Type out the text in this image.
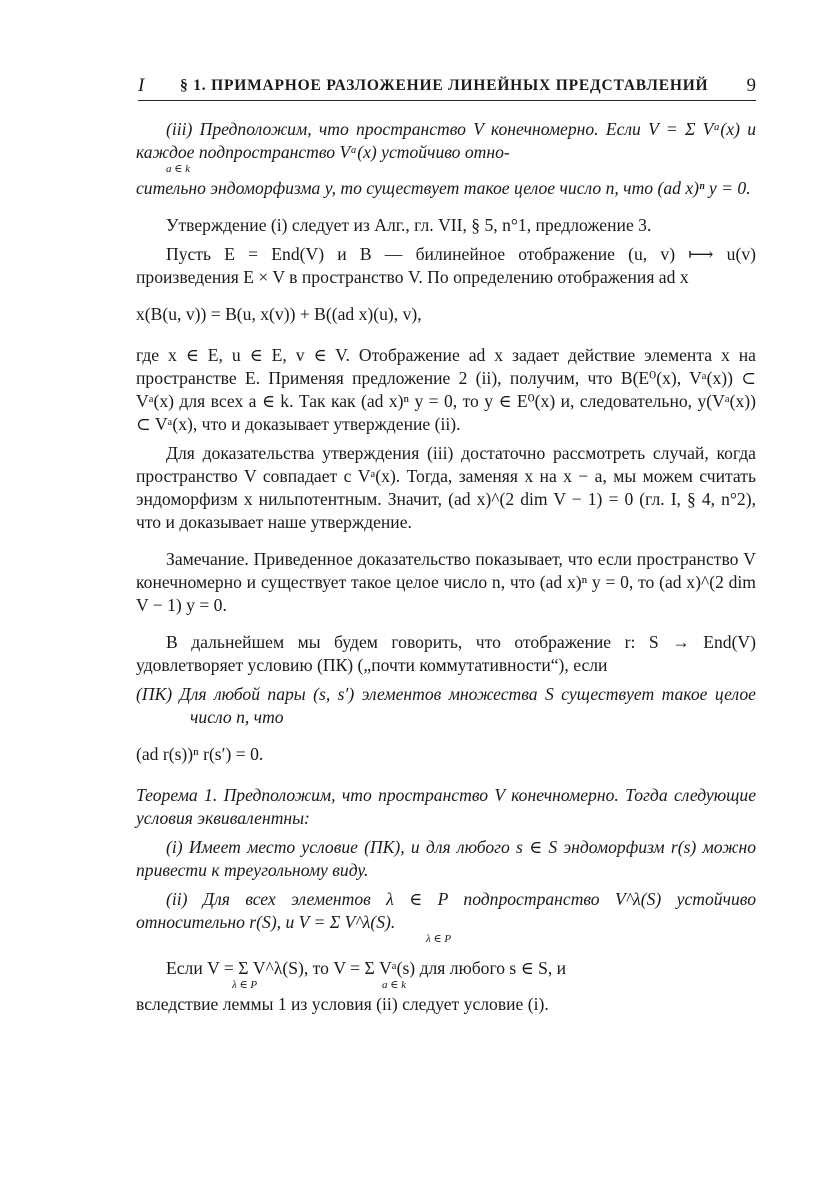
I § 1. ПРИМАРНОЕ РАЗЛОЖЕНИЕ ЛИНЕЙНЫХ ПРЕДСТАВЛЕНИЙ 9

(iii) Предположим, что пространство V конечномерно. Если V = Σ Vᵃ(x) и каждое подпространство Vᵃ(x) устойчиво отно-

a ∈ k

сительно эндоморфизма y, то существует такое целое число n, что (ad x)ⁿ y = 0.

Утверждение (i) следует из Алг., гл. VII, § 5, n°1, предложение 3.

Пусть E = End(V) и B — билинейное отображение (u, v) ⟼ u(v) произведения E × V в пространство V. По определению отображения ad x

x(B(u, v)) = B(u, x(v)) + B((ad x)(u), v),

где x ∈ E, u ∈ E, v ∈ V. Отображение ad x задает действие элемента x на пространстве E. Применяя предложение 2 (ii), получим, что B(E⁰(x), Vᵃ(x)) ⊂ Vᵃ(x) для всех a ∈ k. Так как (ad x)ⁿ y = 0, то y ∈ E⁰(x) и, следовательно, y(Vᵃ(x)) ⊂ Vᵃ(x), что и доказывает утверждение (ii).

Для доказательства утверждения (iii) достаточно рассмотреть случай, когда пространство V совпадает с Vᵃ(x). Тогда, заменяя x на x − a, мы можем считать эндоморфизм x нильпотентным. Значит, (ad x)^(2 dim V − 1) = 0 (гл. I, § 4, n°2), что и доказывает наше утверждение.

Замечание. Приведенное доказательство показывает, что если пространство V конечномерно и существует такое целое число n, что (ad x)ⁿ y = 0, то (ad x)^(2 dim V − 1) y = 0.

В дальнейшем мы будем говорить, что отображение r: S → End(V) удовлетворяет условию (ПК) („почти коммутативности“), если

(ПК) Для любой пары (s, s′) элементов множества S существует такое целое число n, что

(ad r(s))ⁿ r(s′) = 0.

Теорема 1. Предположим, что пространство V конечномерно. Тогда следующие условия эквивалентны:

(i) Имеет место условие (ПК), и для любого s ∈ S эндоморфизм r(s) можно привести к треугольному виду.

(ii) Для всех элементов λ ∈ P подпространство V^λ(S) устойчиво относительно r(S), и V = Σ V^λ(S).

λ ∈ P

Если V = Σ V^λ(S), то V = Σ Vᵃ(s) для любого s ∈ S, и

λ ∈ P	a ∈ k

вследствие леммы 1 из условия (ii) следует условие (i).
